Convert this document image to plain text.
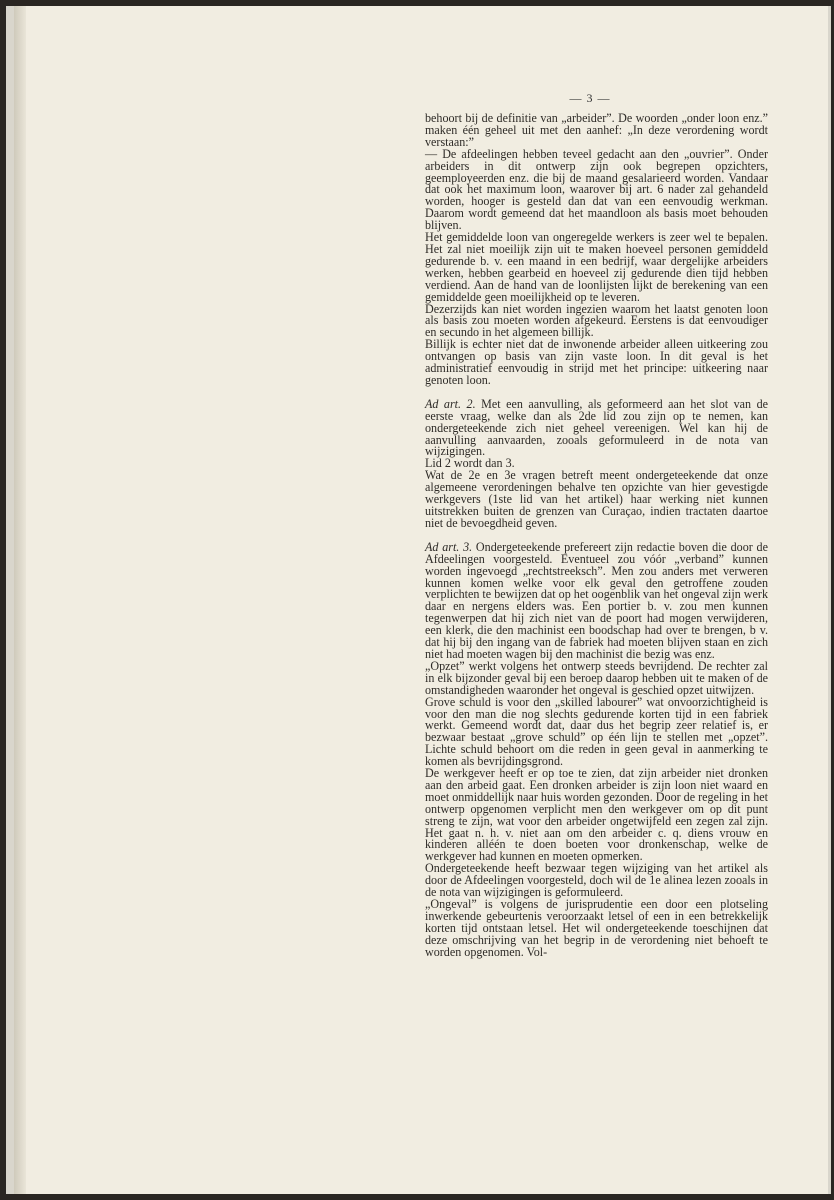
— 3 —

behoort bij de definitie van „arbeider”. De woorden „onder loon enz.” maken één geheel uit met den aanhef: „In deze verordening wordt verstaan:”

— De afdeelingen hebben teveel gedacht aan den „ouvrier”. Onder arbeiders in dit ontwerp zijn ook begrepen opzichters, geemployeerden enz. die bij de maand gesalarieerd worden. Vandaar dat ook het maximum loon, waarover bij art. 6 nader zal gehandeld worden, hooger is gesteld dan dat van een eenvoudig werkman. Daarom wordt gemeend dat het maandloon als basis moet behouden blijven.

Het gemiddelde loon van ongeregelde werkers is zeer wel te bepalen. Het zal niet moeilijk zijn uit te maken hoeveel personen gemiddeld gedurende b. v. een maand in een bedrijf, waar dergelijke arbeiders werken, hebben gearbeid en hoeveel zij gedurende dien tijd hebben verdiend. Aan de hand van de loonlijsten lijkt de berekening van een gemiddelde geen moeilijkheid op te leveren.

Dezerzijds kan niet worden ingezien waarom het laatst genoten loon als basis zou moeten worden afgekeurd. Eerstens is dat eenvoudiger en secundo in het algemeen billijk.

Billijk is echter niet dat de inwonende arbeider alleen uitkeering zou ontvangen op basis van zijn vaste loon. In dit geval is het administratief eenvoudig in strijd met het principe: uitkeering naar genoten loon.

Ad art. 2. Met een aanvulling, als geformeerd aan het slot van de eerste vraag, welke dan als 2de lid zou zijn op te nemen, kan ondergeteekende zich niet geheel vereenigen. Wel kan hij de aanvulling aanvaarden, zooals geformuleerd in de nota van wijzigingen.

Lid 2 wordt dan 3.

Wat de 2e en 3e vragen betreft meent ondergeteekende dat onze algemeene verordeningen behalve ten opzichte van hier gevestigde werkgevers (1ste lid van het artikel) haar werking niet kunnen uitstrekken buiten de grenzen van Curaçao, indien tractaten daartoe niet de bevoegdheid geven.

Ad art. 3. Ondergeteekende prefereert zijn redactie boven die door de Afdeelingen voorgesteld. Eventueel zou vóór „verband” kunnen worden ingevoegd „rechtstreeksch”. Men zou anders met verweren kunnen komen welke voor elk geval den getroffene zouden verplichten te bewijzen dat op het oogenblik van het ongeval zijn werk daar en nergens elders was. Een portier b. v. zou men kunnen tegenwerpen dat hij zich niet van de poort had mogen verwijderen, een klerk, die den machinist een boodschap had over te brengen, b v. dat hij bij den ingang van de fabriek had moeten blijven staan en zich niet had moeten wagen bij den machinist die bezig was enz.

„Opzet” werkt volgens het ontwerp steeds bevrijdend. De rechter zal in elk bijzonder geval bij een beroep daarop hebben uit te maken of de omstandigheden waaronder het ongeval is geschied opzet uitwijzen.

Grove schuld is voor den „skilled labourer” wat onvoorzichtigheid is voor den man die nog slechts gedurende korten tijd in een fabriek werkt. Gemeend wordt dat, daar dus het begrip zeer relatief is, er bezwaar bestaat „grove schuld” op één lijn te stellen met „opzet”. Lichte schuld behoort om die reden in geen geval in aanmerking te komen als bevrijdingsgrond.

De werkgever heeft er op toe te zien, dat zijn arbeider niet dronken aan den arbeid gaat. Een dronken arbeider is zijn loon niet waard en moet onmiddellijk naar huis worden gezonden. Door de regeling in het ontwerp opgenomen verplicht men den werkgever om op dit punt streng te zijn, wat voor den arbeider ongetwijfeld een zegen zal zijn. Het gaat n. h. v. niet aan om den arbeider c. q. diens vrouw en kinderen alléén te doen boeten voor dronkenschap, welke de werkgever had kunnen en moeten opmerken.

Ondergeteekende heeft bezwaar tegen wijziging van het artikel als door de Afdeelingen voorgesteld, doch wil de 1e alinea lezen zooals in de nota van wijzigingen is geformuleerd.

„Ongeval” is volgens de jurisprudentie een door een plotseling inwerkende gebeurtenis veroorzaakt letsel of een in een betrekkelijk korten tijd ontstaan letsel. Het wil ondergeteekende toeschijnen dat deze omschrijving van het begrip in de verordening niet behoeft te worden opgenomen. Vol-
